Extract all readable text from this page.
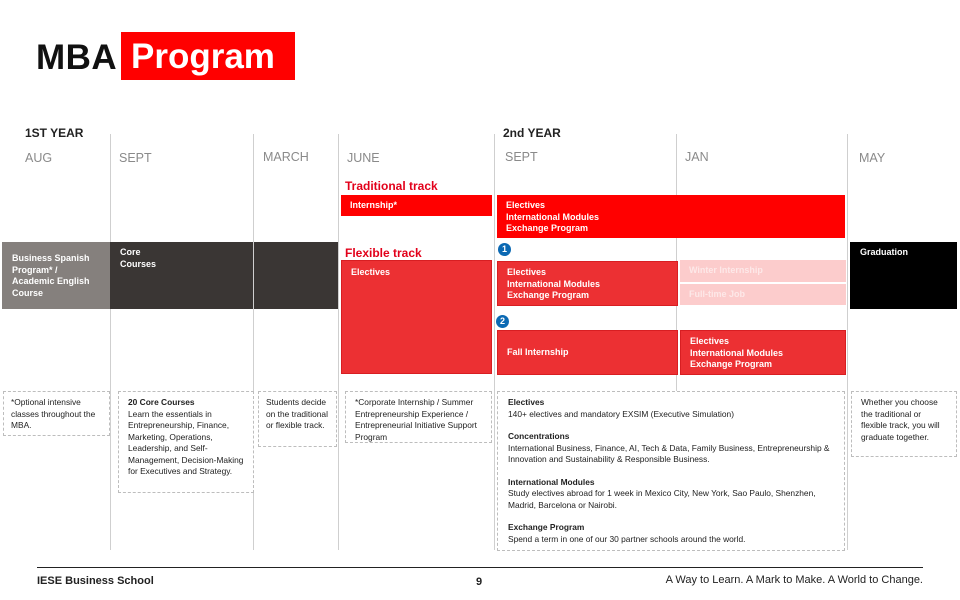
MBA Program
1ST YEAR	2nd YEAR
AUG	SEPT	MARCH	JUNE	SEPT	JAN	MAY
Traditional track
Flexible track
Business Spanish
Program* /
Academic English
Course
Core
Courses
Internship*	Electives
International Modules
Exchange Program
Electives
1
Electives
International Modules
Exchange Program
Winter Internship
Full-time Job
2
Fall Internship
Electives
International Modules
Exchange Program
Graduation

*Optional intensive classes throughout the MBA.

20 Core Courses

Learn the essentials in Entrepreneurship, Finance, Marketing, Operations, Leadership, and Self-Management, Decision-Making for Executives and Strategy.

Students decide on the traditional or flexible track.

*Corporate Internship / Summer Entrepreneurship Experience / Entrepreneurial Initiative Support Program

Electives

140+ electives and mandatory EXSIM (Executive Simulation)

Concentrations

International Business, Finance, AI, Tech & Data, Family Business, Entrepreneurship & Innovation and Sustainability & Responsible Business.

International Modules

Study electives abroad for 1 week in Mexico City, New York, Sao Paulo, Shenzhen, Madrid, Barcelona or Nairobi.

Exchange Program

Spend a term in one of our 30 partner schools around the world.

Whether you choose the traditional or flexible track, you will graduate together.

IESE Business School	9	A Way to Learn. A Mark to Make. A World to Change.
